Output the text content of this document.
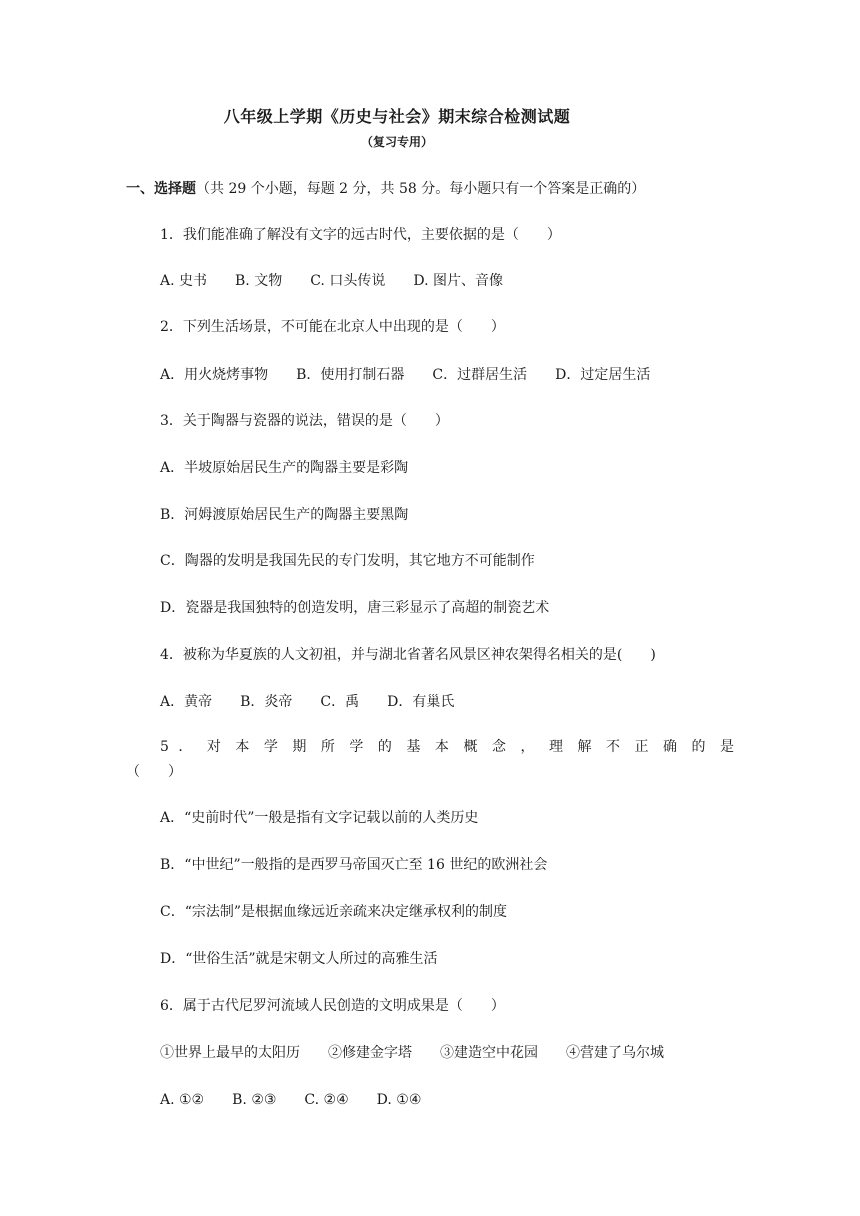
八年级上学期《历史与社会》期末综合检测试题
（复习专用）
一、选择题（共 29 个小题，每题 2 分，共 58 分。每小题只有一个答案是正确的）
1．我们能准确了解没有文字的远古时代，主要依据的是（　　）
A. 史书 B. 文物 C. 口头传说 D. 图片、音像
2．下列生活场景，不可能在北京人中出现的是（　　）
A．用火烧烤事物 B．使用打制石器 C．过群居生活 D．过定居生活
3．关于陶器与瓷器的说法，错误的是（　　）
A．半坡原始居民生产的陶器主要是彩陶
B．河姆渡原始居民生产的陶器主要黑陶
C．陶器的发明是我国先民的专门发明，其它地方不可能制作
D．瓷器是我国独特的创造发明，唐三彩显示了高超的制瓷艺术
4．被称为华夏族的人文初祖，并与湖北省著名风景区神农架得名相关的是(　　)
A．黄帝 B．炎帝 C．禹 D．有巢氏
5 ． 对 本 学 期 所 学 的 基 本 概 念 ， 理 解 不 正 确 的 是
（　　）
A．“史前时代”一般是指有文字记载以前的人类历史
B．“中世纪”一般指的是西罗马帝国灭亡至 16 世纪的欧洲社会
C．“宗法制”是根据血缘远近亲疏来决定继承权利的制度
D．“世俗生活”就是宋朝文人所过的高雅生活
6．属于古代尼罗河流域人民创造的文明成果是（　　）
①世界上最早的太阳历 ②修建金字塔 ③建造空中花园 ④营建了乌尔城
A. ①② B. ②③ C. ②④ D. ①④
